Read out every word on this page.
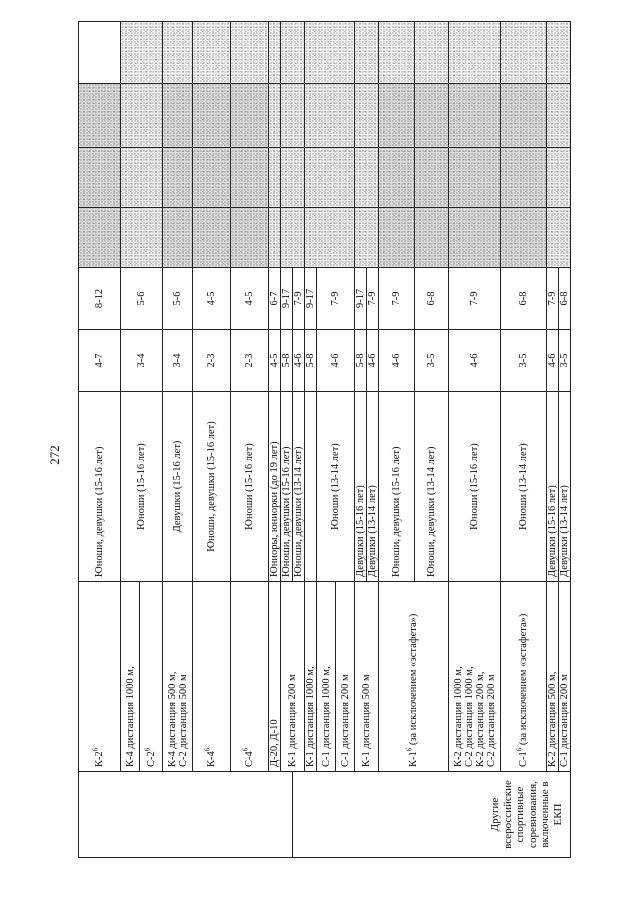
272
	$К-2^6$	Юноши, девушки (15-16 лет)	4-7	8-12				
	К-4 дистанция 1000 м,	Юноши (15-16 лет)	3-4	5-6				
	$С-2^6$
	К-4 дистанция 500 м,
С-2 дистанция 500 м	Девушки (15-16 лет)	3-4	5-6				
	$К-4^6$	Юноши, девушки (15-16 лет)	2-3	4-5				
	$С-4^6$	Юноши (15-16 лет)	2-3	4-5				
	Д-20, Д-10	Юниоры, юниорки (до 19 лет)	4-5	6-7				
	К-1 дистанция 200 м	Юноши, девушки (15-16 лет)	5-8	9-17				
Другие всероссийские спортивные соревнования, включенные в ЕКП		Юноши, девушки (13-14 лет)	4-6	7-9				
	К-1 дистанция 1000 м,		5-8	9-17				
	С-1 дистанция 1000 м,	Юноши (13-14 лет)	4-6	7-9				
	С-1 дистанция 200 м							
	К-1 дистанция 500 м	Девушки (15-16 лет)	5-8	9-17				
		Девушки (13-14 лет)	4-6	7-9				
	$К-1^6$ (за исключением «эстафета»)	Юноши, девушки (15-16 лет)	4-6	7-9				
		Юноши, девушки (13-14 лет)	3-5	6-8				
	К-2 дистанция 1000 м,
С-2 дистанция 1000 м,
К-2 дистанция 200 м,
С-2 дистанция 200 м	Юноши (15-16 лет)	4-6	7-9				
	$С-1^6$ (за исключением «эстафета»)	Юноши (13-14 лет)	3-5	6-8				
	К-2 дистанция 500 м,	Девушки (15-16 лет)	4-6	7-9				
	С-1 дистанция 200 м	Девушки (13-14 лет)	3-5	6-8				
